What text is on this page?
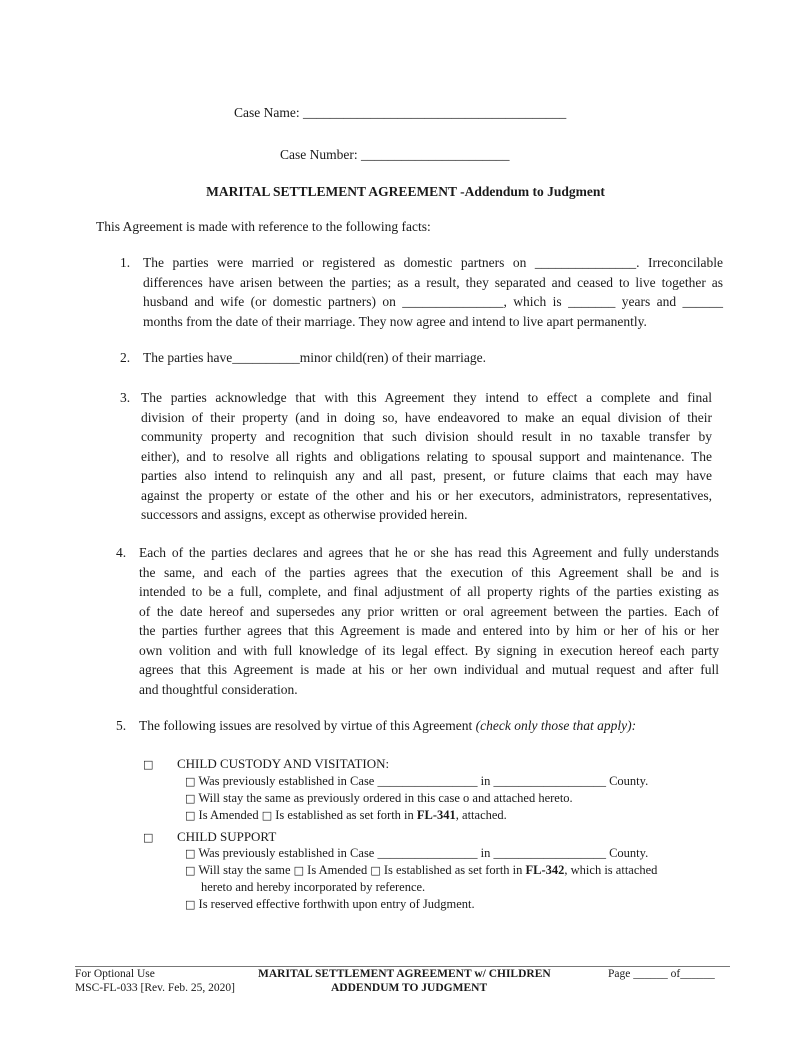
Case Name: _______________________________________
Case Number: ______________________
MARITAL SETTLEMENT AGREEMENT -Addendum to Judgment
This Agreement is made with reference to the following facts:
1. The parties were married or registered as domestic partners on _______________. Irreconcilable
differences have arisen between the parties; as a result, they separated and ceased to live together as
husband and wife (or domestic partners) on _______________, which is _______ years and ______
months from the date of their marriage. They now agree and intend to live apart permanently.
2. The parties have__________minor child(ren) of their marriage.
3. The parties acknowledge that with this Agreement they intend to effect a complete and final
division of their property (and in doing so, have endeavored to make an equal division of their
community property and recognition that such division should result in no taxable transfer by
either), and to resolve all rights and obligations relating to spousal support and maintenance. The
parties also intend to relinquish any and all past, present, or future claims that each may have
against the property or estate of the other and his or her executors, administrators, representatives,
successors and assigns, except as otherwise provided herein.
4. Each of the parties declares and agrees that he or she has read this Agreement and fully understands
the same, and each of the parties agrees that the execution of this Agreement shall be and is
intended to be a full, complete, and final adjustment of all property rights of the parties existing as
of the date hereof and supersedes any prior written or oral agreement between the parties. Each of
the parties further agrees that this Agreement is made and entered into by him or her of his or her
own volition and with full knowledge of its legal effect. By signing in execution hereof each party
agrees that this Agreement is made at his or her own individual and mutual request and after full
and thoughtful consideration.
5. The following issues are resolved by virtue of this Agreement (check only those that apply):
□ CHILD CUSTODY AND VISITATION:
□ Was previously established in Case ________________ in __________________ County.
□ Will stay the same as previously ordered in this case o and attached hereto.
□ Is Amended □ Is established as set forth in FL-341, attached.
□ CHILD SUPPORT
□ Was previously established in Case ________________ in __________________ County.
□ Will stay the same □ Is Amended □ Is established as set forth in FL-342, which is attached
hereto and hereby incorporated by reference.
□ Is reserved effective forthwith upon entry of Judgment.
For Optional Use
MSC-FL-033 [Rev. Feb. 25, 2020]
MARITAL SETTLEMENT AGREEMENT w/ CHILDREN
ADDENDUM TO JUDGMENT
Page ______ of______
